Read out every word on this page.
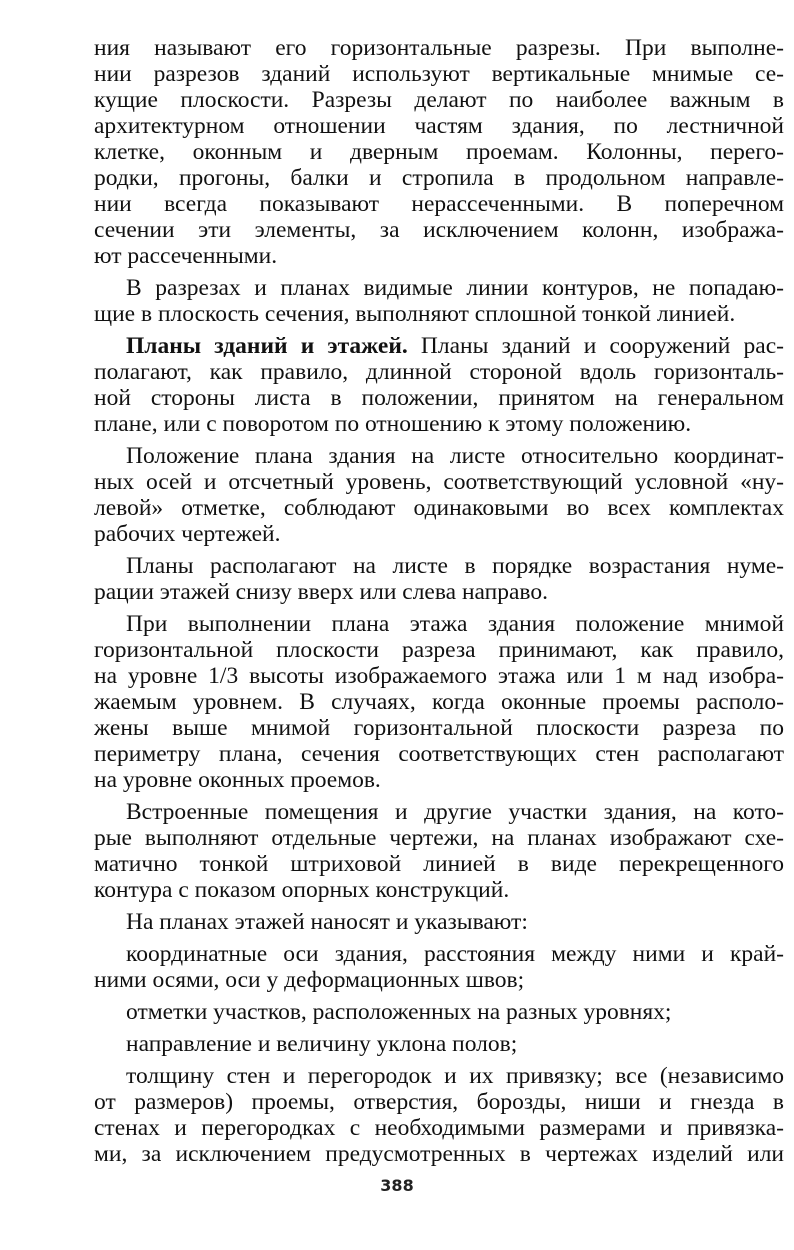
ния называют его горизонтальные разрезы. При выполне-
нии разрезов зданий используют вертикальные мнимые се-
кущие плоскости. Разрезы делают по наиболее важным в
архитектурном отношении частям здания, по лестничной
клетке, оконным и дверным проемам. Колонны, перего-
родки, прогоны, балки и стропила в продольном направле-
нии всегда показывают нерассеченными. В поперечном
сечении эти элементы, за исключением колонн, изобража-
ют рассеченными.
В разрезах и планах видимые линии контуров, не попадаю-
щие в плоскость сечения, выполняют сплошной тонкой линией.
Планы зданий и этажей. Планы зданий и сооружений рас-
полагают, как правило, длинной стороной вдоль горизонталь-
ной стороны листа в положении, принятом на генеральном
плане, или с поворотом по отношению к этому положению.
Положение плана здания на листе относительно координат-
ных осей и отсчетный уровень, соответствующий условной «ну-
левой» отметке, соблюдают одинаковыми во всех комплектах
рабочих чертежей.
Планы располагают на листе в порядке возрастания нуме-
рации этажей снизу вверх или слева направо.
При выполнении плана этажа здания положение мнимой
горизонтальной плоскости разреза принимают, как правило,
на уровне 1/3 высоты изображаемого этажа или 1 м над изобра-
жаемым уровнем. В случаях, когда оконные проемы располо-
жены выше мнимой горизонтальной плоскости разреза по
периметру плана, сечения соответствующих стен располагают
на уровне оконных проемов.
Встроенные помещения и другие участки здания, на кото-
рые выполняют отдельные чертежи, на планах изображают схе-
матично тонкой штриховой линией в виде перекрещенного
контура с показом опорных конструкций.
На планах этажей наносят и указывают:
координатные оси здания, расстояния между ними и край-
ними осями, оси у деформационных швов;
отметки участков, расположенных на разных уровнях;
направление и величину уклона полов;
толщину стен и перегородок и их привязку; все (независимо
от размеров) проемы, отверстия, борозды, ниши и гнезда в
стенах и перегородках с необходимыми размерами и привязка-
ми, за исключением предусмотренных в чертежах изделий или
388
